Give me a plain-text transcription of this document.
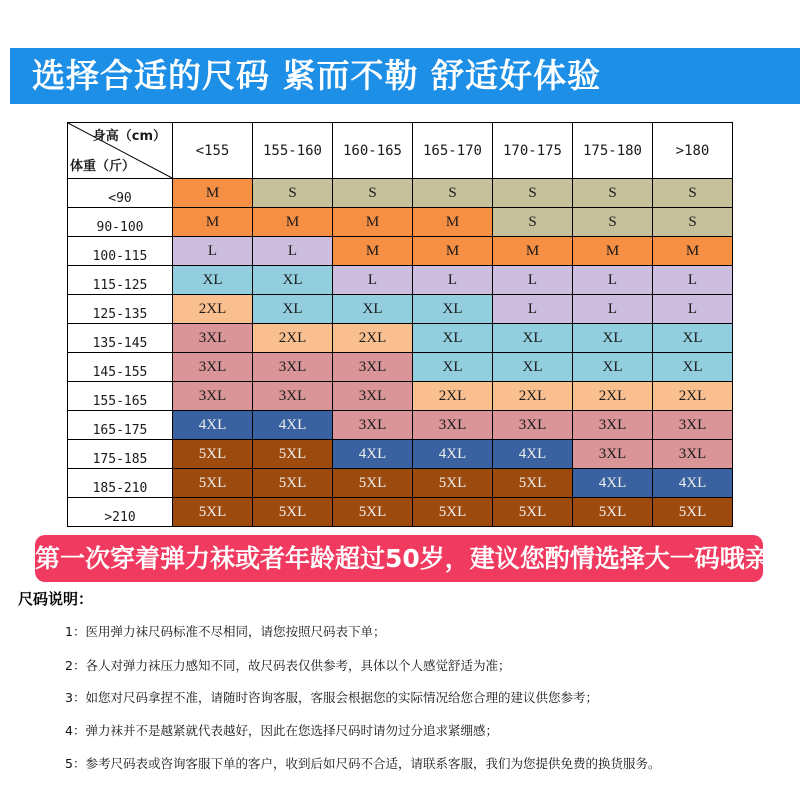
选择合适的尺码 紧而不勒 舒适好体验
身高（cm）
体重（斤）	<155	155-160	160-165	165-170	170-175	175-180	>180

<90	M	S	S	S	S	S	S

90-100	M	M	M	M	S	S	S

100-115	L	L	M	M	M	M	M

115-125	XL	XL	L	L	L	L	L

125-135	2XL	XL	XL	XL	L	L	L

135-145	3XL	2XL	2XL	XL	XL	XL	XL

145-155	3XL	3XL	3XL	XL	XL	XL	XL

155-165	3XL	3XL	3XL	2XL	2XL	2XL	2XL

165-175	4XL	4XL	3XL	3XL	3XL	3XL	3XL

175-185	5XL	5XL	4XL	4XL	4XL	3XL	3XL

185-210	5XL	5XL	5XL	5XL	5XL	4XL	4XL

>210	5XL	5XL	5XL	5XL	5XL	5XL	5XL
第一次穿着弹力袜或者年龄超过50岁，建议您酌情选择大一码哦亲！
尺码说明：
1：医用弹力袜尺码标准不尽相同，请您按照尺码表下单；
2：各人对弹力袜压力感知不同，故尺码表仅供参考，具体以个人感觉舒适为准；
3：如您对尺码拿捏不准，请随时咨询客服，客服会根据您的实际情况给您合理的建议供您参考；
4：弹力袜并不是越紧就代表越好，因此在您选择尺码时请勿过分追求紧绷感；
5：参考尺码表或咨询客服下单的客户，收到后如尺码不合适，请联系客服，我们为您提供免费的换货服务。
